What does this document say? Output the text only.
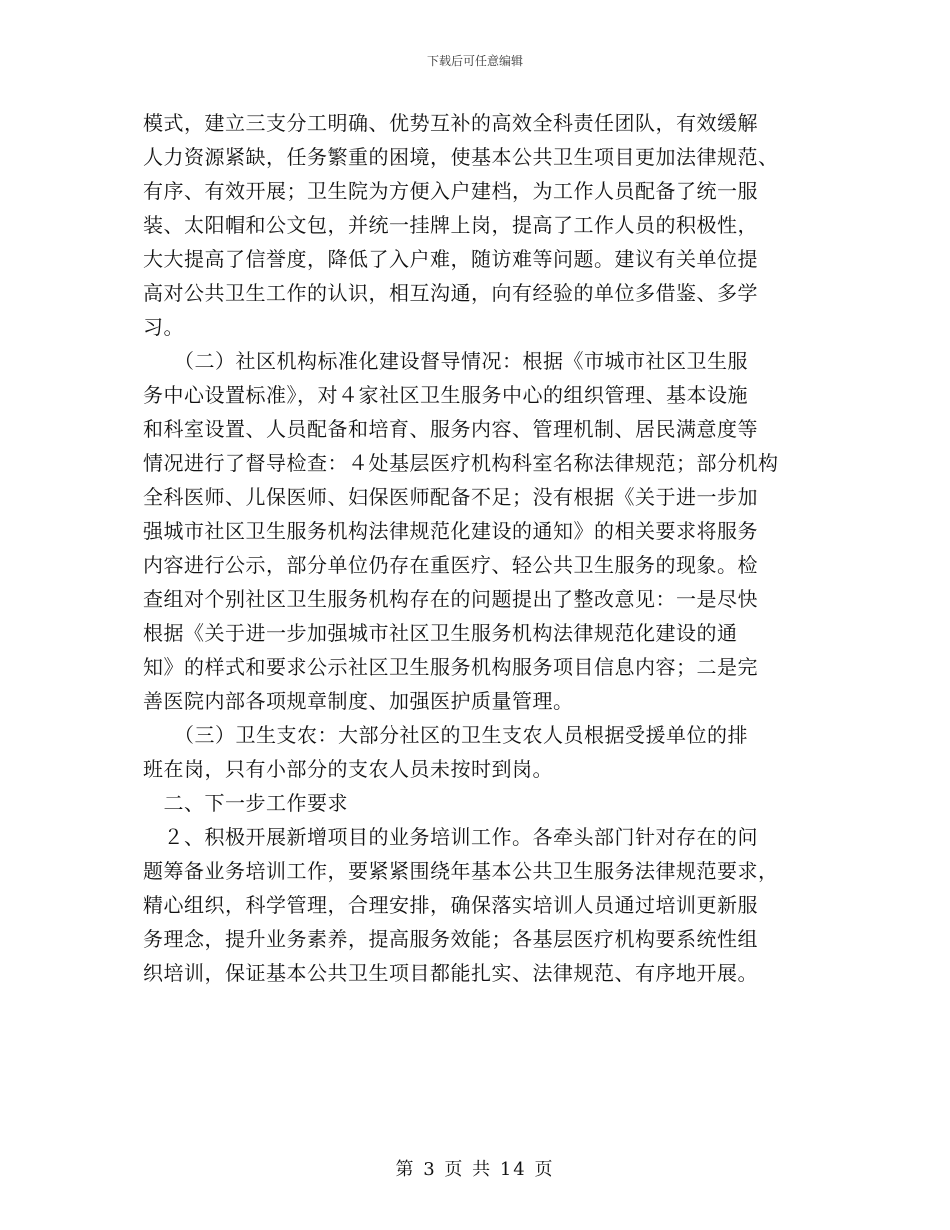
下载后可任意编辑
模式，建立三支分工明确、优势互补的高效全科责任团队，有效缓解
人力资源紧缺，任务繁重的困境，使基本公共卫生项目更加法律规范、
有序、有效开展；卫生院为方便入户建档，为工作人员配备了统一服
装、太阳帽和公文包，并统一挂牌上岗，提高了工作人员的积极性，
大大提高了信誉度，降低了入户难，随访难等问题。建议有关单位提
高对公共卫生工作的认识，相互沟通，向有经验的单位多借鉴、多学
习。
　　（二）社区机构标准化建设督导情况：根据《市城市社区卫生服
务中心设置标准》，对４家社区卫生服务中心的组织管理、基本设施
和科室设置、人员配备和培育、服务内容、管理机制、居民满意度等
情况进行了督导检查：４处基层医疗机构科室名称法律规范；部分机构
全科医师、儿保医师、妇保医师配备不足；没有根据《关于进一步加
强城市社区卫生服务机构法律规范化建设的通知》的相关要求将服务
内容进行公示，部分单位仍存在重医疗、轻公共卫生服务的现象。检
查组对个别社区卫生服务机构存在的问题提出了整改意见：一是尽快
根据《关于进一步加强城市社区卫生服务机构法律规范化建设的通
知》的样式和要求公示社区卫生服务机构服务项目信息内容；二是完
善医院内部各项规章制度、加强医护质量管理。
　　（三）卫生支农：大部分社区的卫生支农人员根据受援单位的排
班在岗，只有小部分的支农人员未按时到岗。
　二、下一步工作要求
　２、积极开展新增项目的业务培训工作。各牵头部门针对存在的问
题筹备业务培训工作，要紧紧围绕年基本公共卫生服务法律规范要求，
精心组织，科学管理，合理安排，确保落实培训人员通过培训更新服
务理念，提升业务素养，提高服务效能；各基层医疗机构要系统性组
织培训，保证基本公共卫生项目都能扎实、法律规范、有序地开展。
第 3 页 共 14 页
